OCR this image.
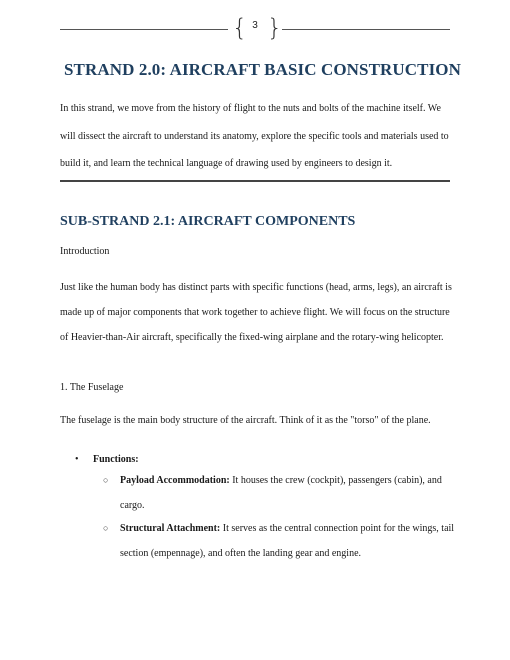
{ 3 }
STRAND 2.0: AIRCRAFT BASIC CONSTRUCTION
In this strand, we move from the history of flight to the nuts and bolts of the machine itself. We will dissect the aircraft to understand its anatomy, explore the specific tools and materials used to build it, and learn the technical language of drawing used by engineers to design it.
SUB-STRAND 2.1: AIRCRAFT COMPONENTS
Introduction
Just like the human body has distinct parts with specific functions (head, arms, legs), an aircraft is made up of major components that work together to achieve flight. We will focus on the structure of Heavier-than-Air aircraft, specifically the fixed-wing airplane and the rotary-wing helicopter.
1. The Fuselage
The fuselage is the main body structure of the aircraft. Think of it as the "torso" of the plane.
• Functions:
○ Payload Accommodation: It houses the crew (cockpit), passengers (cabin), and cargo.
○ Structural Attachment: It serves as the central connection point for the wings, tail section (empennage), and often the landing gear and engine.
